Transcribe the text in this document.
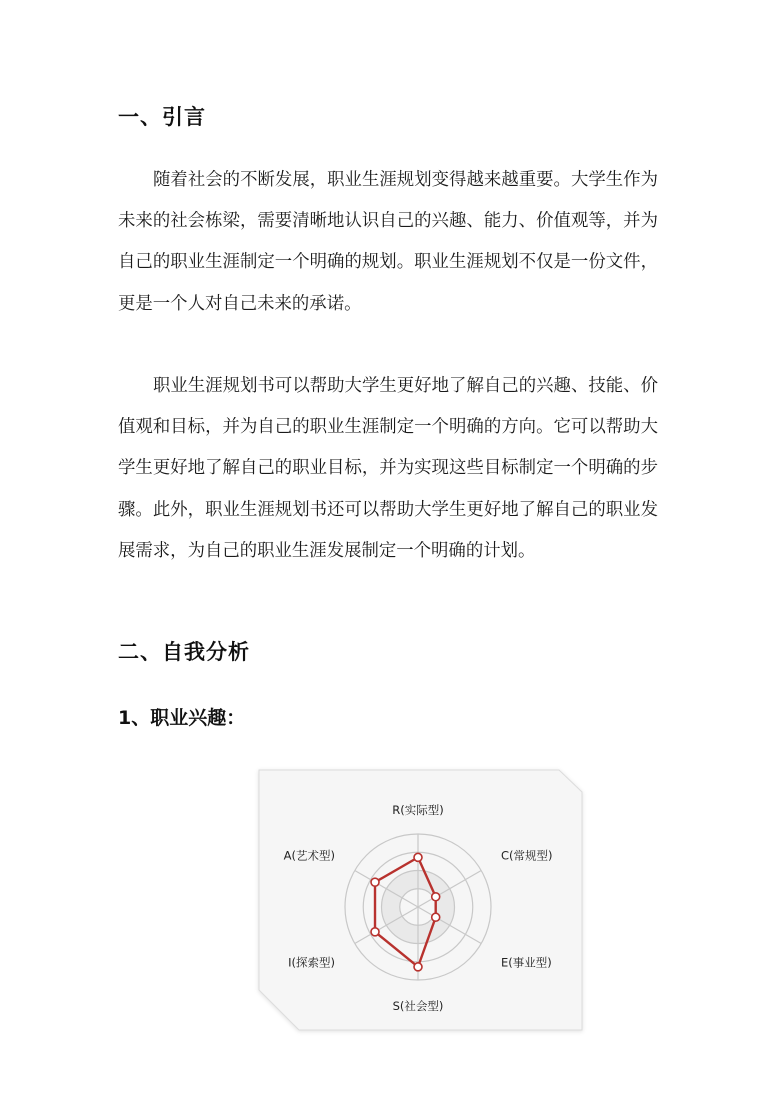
一、引言

随着社会的不断发展，职业生涯规划变得越来越重要。大学生作为未来的社会栋梁，需要清晰地认识自己的兴趣、能力、价值观等，并为自己的职业生涯制定一个明确的规划。职业生涯规划不仅是一份文件，更是一个人对自己未来的承诺。

职业生涯规划书可以帮助大学生更好地了解自己的兴趣、技能、价值观和目标，并为自己的职业生涯制定一个明确的方向。它可以帮助大学生更好地了解自己的职业目标，并为实现这些目标制定一个明确的步骤。此外，职业生涯规划书还可以帮助大学生更好地了解自己的职业发展需求，为自己的职业生涯发展制定一个明确的计划。

二、自我分析
1、职业兴趣：
R(实际型)
C(常规型)
E(事业型)
S(社会型)
I(探索型)
A(艺术型)
